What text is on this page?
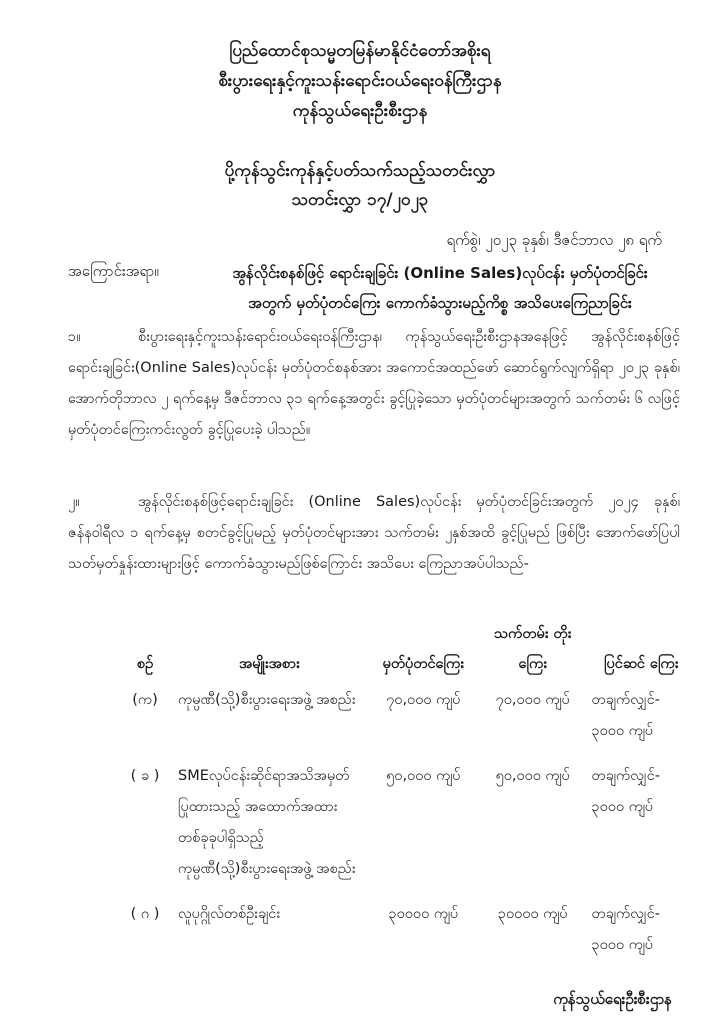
ပြည်ထောင်စုသမ္မတမြန်မာနိုင်ငံတော်အစိုးရ
စီးပွားရေးနှင့်ကူးသန်းရောင်းဝယ်ရေးဝန်ကြီးဌာန
ကုန်သွယ်ရေးဦးစီးဌာန
ပို့ကုန်သွင်းကုန်နှင့်ပတ်သက်သည့်သတင်းလွှာ
သတင်းလွှာ ၁၇/၂၀၂၃
ရက်စွဲ၊ ၂၀၂၃ ခုနှစ်၊ ဒီဇင်ဘာလ ၂၈ ရက်
အကြောင်းအရာ။	အွန်လိုင်းစနစ်ဖြင့် ရောင်းချခြင်း (Online Sales)လုပ်ငန်း မှတ်ပုံတင်ခြင်း
အတွက် မှတ်ပုံတင်ကြေး ကောက်ခံသွားမည့်ကိစ္စ အသိပေးကြေညာခြင်း
၁။	စီးပွားရေးနှင့်ကူးသန်းရောင်းဝယ်ရေးဝန်ကြီးဌာန၊ ကုန်သွယ်ရေးဦးစီးဌာနအနေဖြင့် အွန်လိုင်းစနစ်ဖြင့် ရောင်းချခြင်း(Online Sales)လုပ်ငန်း မှတ်ပုံတင်စနစ်အား အကောင်အထည်ဖော် ဆောင်ရွက်လျက်ရှိရာ ၂၀၂၃ ခုနှစ်၊ အောက်တိုဘာလ ၂ ရက်နေ့မှ ဒီဇင်ဘာလ ၃၁ ရက်နေ့အတွင်း ခွင့်ပြုခဲ့သော မှတ်ပုံတင်များအတွက် သက်တမ်း ၆ လဖြင့် မှတ်ပုံတင်ကြေးကင်းလွတ် ခွင့်ပြုပေးခဲ့ ပါသည်။
၂။	အွန်လိုင်းစနစ်ဖြင့်ရောင်းချခြင်း (Online Sales)လုပ်ငန်း မှတ်ပုံတင်ခြင်းအတွက် ၂၀၂၄ ခုနှစ်၊ ဇန်နဝါရီလ ၁ ရက်နေ့မှ စတင်ခွင့်ပြုမည့် မှတ်ပုံတင်များအား သက်တမ်း ၂နှစ်အထိ ခွင့်ပြုမည် ဖြစ်ပြီး အောက်ဖော်ပြပါ သတ်မှတ်နှုန်းထားများဖြင့် ကောက်ခံသွားမည်ဖြစ်ကြောင်း အသိပေး ကြေညာအပ်ပါသည်-
စဉ်	အမျိုးအစား	မှတ်ပုံတင်ကြေး	သက်တမ်း တိုးကြေး	ပြင်ဆင် ကြေး
(က)	ကုမ္ပဏီ(သို့)စီးပွားရေးအဖွဲ့ အစည်း	၇၀,၀၀၀ ကျပ်	၇၀,၀၀၀ ကျပ်	တချက်လျှင်- ၃၀၀၀ ကျပ်
( ခ )	SMEလုပ်ငန်းဆိုင်ရာအသိအမှတ် ပြုထားသည့် အထောက်အထား တစ်ခုခုပါရှိသည့် ကုမ္ပဏီ(သို့)စီးပွားရေးအဖွဲ့ အစည်း	၅၀,၀၀၀ ကျပ်	၅၀,၀၀၀ ကျပ်	တချက်လျှင်- ၃၀၀၀ ကျပ်
( ဂ )	လူပုဂ္ဂိုလ်တစ်ဦးချင်း	၃၀၀၀၀ ကျပ်	၃၀၀၀၀ ကျပ်	တချက်လျှင်- ၃၀၀၀ ကျပ်
ကုန်သွယ်ရေးဦးစီးဌာန
